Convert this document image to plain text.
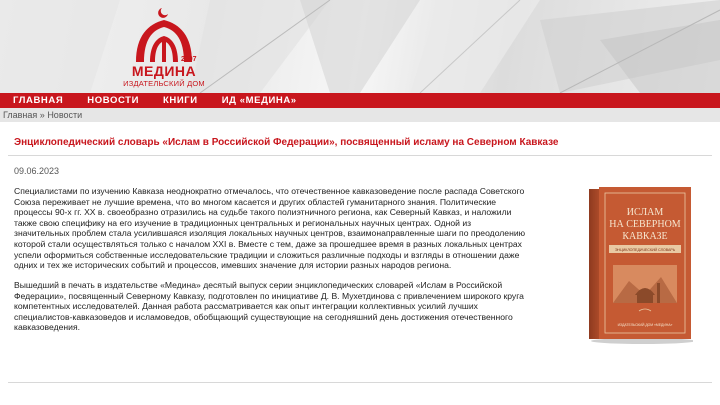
2007
МЕДИНА
ИЗДАТЕЛЬСКИЙ ДОМ
ГЛАВНАЯ	НОВОСТИ	КНИГИ	ИД «МЕДИНА»
Главная » Новости
Энциклопедический словарь «Ислам в Российской Федерации», посвященный исламу на Северном Кавказе
09.06.2023
Специалистами по изучению Кавказа неоднократно отмечалось, что отечественное кавказоведение после распада Советского
Союза переживает не лучшие времена, что во многом касается и других областей гуманитарного знания. Политические
процессы 90-х гг. XX в. своеобразно отразились на судьбе такого полиэтничного региона, как Северный Кавказ, и наложили
также свою специфику на его изучение в традиционных центральных и региональных научных центрах. Одной из
значительных проблем стала усилившаяся изоляция локальных научных центров, взаимонаправленные шаги по преодолению
которой стали осуществляться только с началом XXI в. Вместе с тем, даже за прошедшее время в разных локальных центрах
успели оформиться собственные исследовательские традиции и сложиться различные подходы и взгляды в отношении даже
одних и тех же исторических событий и процессов, имевших значение для истории разных народов региона.
Вышедший в печать в издательстве «Медина» десятый выпуск серии энциклопедических словарей «Ислам в Российской
Федерации», посвященный Северному Кавказу, подготовлен по инициативе Д. В. Мухетдинова с привлечением широкого круга
компетентных исследователей. Данная работа рассматривается как опыт интеграции коллективных усилий лучших
специалистов-кавказоведов и исламоведов, обобщающий существующие на сегодняшний день достижения отечественного
кавказоведения.
ИСЛАМ
НА СЕВЕРНОМ
КАВКАЗЕ
ЭНЦИКЛОПЕДИЧЕСКИЙ СЛОВАРЬ
ИЗДАТЕЛЬСКИЙ ДОМ «МЕДИНА»
